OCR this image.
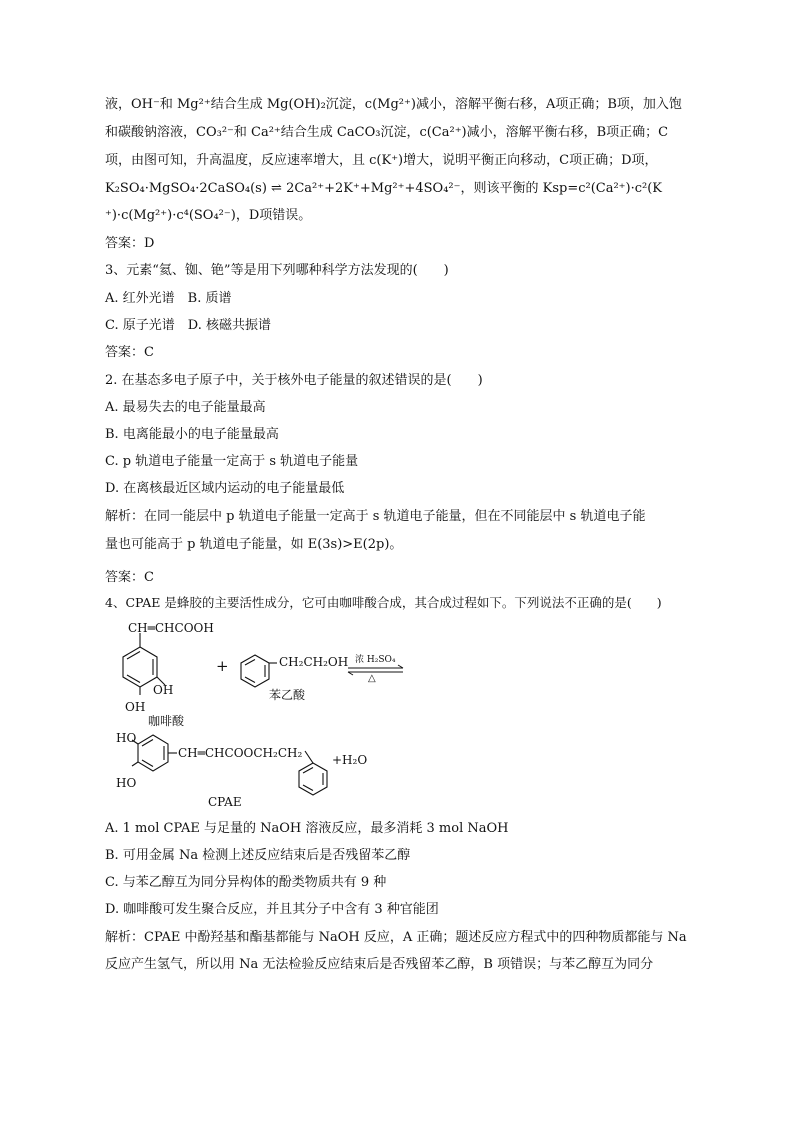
液，OH⁻和 Mg²⁺结合生成 Mg(OH)₂沉淀，c(Mg²⁺)减小，溶解平衡右移，A项正确；B项，加入饱
和碳酸钠溶液，CO₃²⁻和 Ca²⁺结合生成 CaCO₃沉淀，c(Ca²⁺)减小，溶解平衡右移，B项正确；C
项，由图可知，升高温度，反应速率增大，且 c(K⁺)增大，说明平衡正向移动，C项正确；D项，
K₂SO₄·MgSO₄·2CaSO₄(s) ⇌ 2Ca²⁺+2K⁺+Mg²⁺+4SO₄²⁻，则该平衡的 Ksp=c²(Ca²⁺)·c²(K
⁺)·c(Mg²⁺)·c⁴(SO₄²⁻)，D项错误。
答案：D
3、元素“氦、铷、铯”等是用下列哪种科学方法发现的(　　)
A. 红外光谱　B. 质谱
C. 原子光谱　D. 核磁共振谱
答案：C
2. 在基态多电子原子中，关于核外电子能量的叙述错误的是(　　)
A. 最易失去的电子能量最高
B. 电离能最小的电子能量最高
C. p 轨道电子能量一定高于 s 轨道电子能量
D. 在离核最近区域内运动的电子能量最低
解析：在同一能层中 p 轨道电子能量一定高于 s 轨道电子能量，但在不同能层中 s 轨道电子能
量也可能高于 p 轨道电子能量，如 E(3s)>E(2p)。
答案：C
4、CPAE 是蜂胶的主要活性成分，它可由咖啡酸合成，其合成过程如下。下列说法不正确的是(　　)
CH═CHCOOH
OH
OH
咖啡酸
+	CH₂CH₂OH
苯乙酸
浓 H₂SO₄
△
HO
HO
CH═CHCOOCH₂CH₂ +H₂O
CPAE
A. 1 mol CPAE 与足量的 NaOH 溶液反应，最多消耗 3 mol NaOH
B. 可用金属 Na 检测上述反应结束后是否残留苯乙醇
C. 与苯乙醇互为同分异构体的酚类物质共有 9 种
D. 咖啡酸可发生聚合反应，并且其分子中含有 3 种官能团
解析：CPAE 中酚羟基和酯基都能与 NaOH 反应，A 正确；题述反应方程式中的四种物质都能与 Na
反应产生氢气，所以用 Na 无法检验反应结束后是否残留苯乙醇，B 项错误；与苯乙醇互为同分
